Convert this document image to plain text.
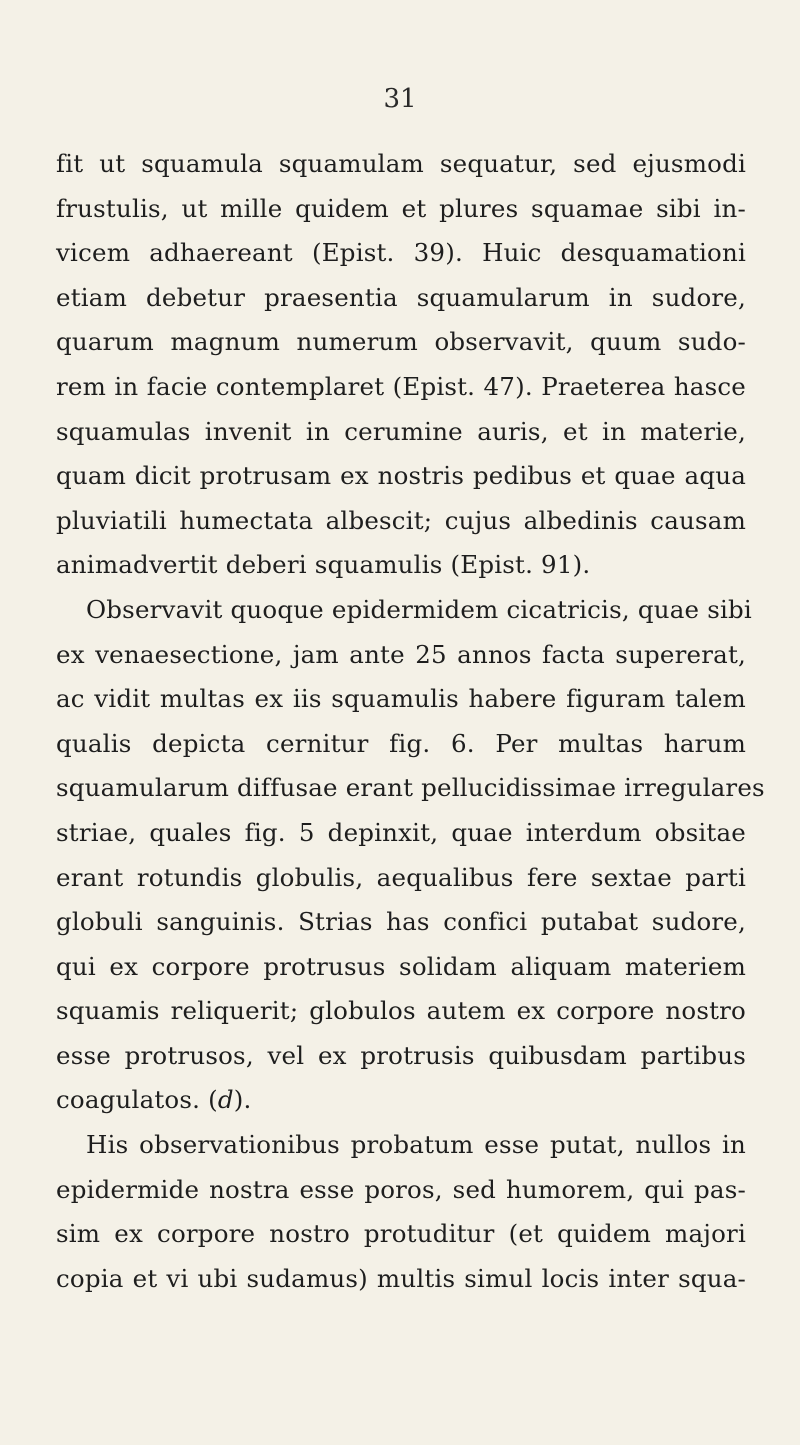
31
fit ut squamula squamulam sequatur, sed ejusmodi
frustulis, ut mille quidem et plures squamae sibi in-
vicem adhaereant (Epist. 39). Huic desquamationi
etiam debetur praesentia squamularum in sudore,
quarum magnum numerum observavit, quum sudo-
rem in facie contemplaret (Epist. 47). Praeterea hasce
squamulas invenit in cerumine auris, et in materie,
quam dicit protrusam ex nostris pedibus et quae aqua
pluviatili humectata albescit; cujus albedinis causam
animadvertit deberi squamulis (Epist. 91).
Observavit quoque epidermidem cicatricis, quae sibi
ex venaesectione, jam ante 25 annos facta supererat,
ac vidit multas ex iis squamulis habere figuram talem
qualis depicta cernitur fig. 6. Per multas harum
squamularum diffusae erant pellucidissimae irregulares
striae, quales fig. 5 depinxit, quae interdum obsitae
erant rotundis globulis, aequalibus fere sextae parti
globuli sanguinis. Strias has confici putabat sudore,
qui ex corpore protrusus solidam aliquam materiem
squamis reliquerit; globulos autem ex corpore nostro
esse protrusos, vel ex protrusis quibusdam partibus
coagulatos. (d).
His observationibus probatum esse putat, nullos in
epidermide nostra esse poros, sed humorem, qui pas-
sim ex corpore nostro protuditur (et quidem majori
copia et vi ubi sudamus) multis simul locis inter squa-
